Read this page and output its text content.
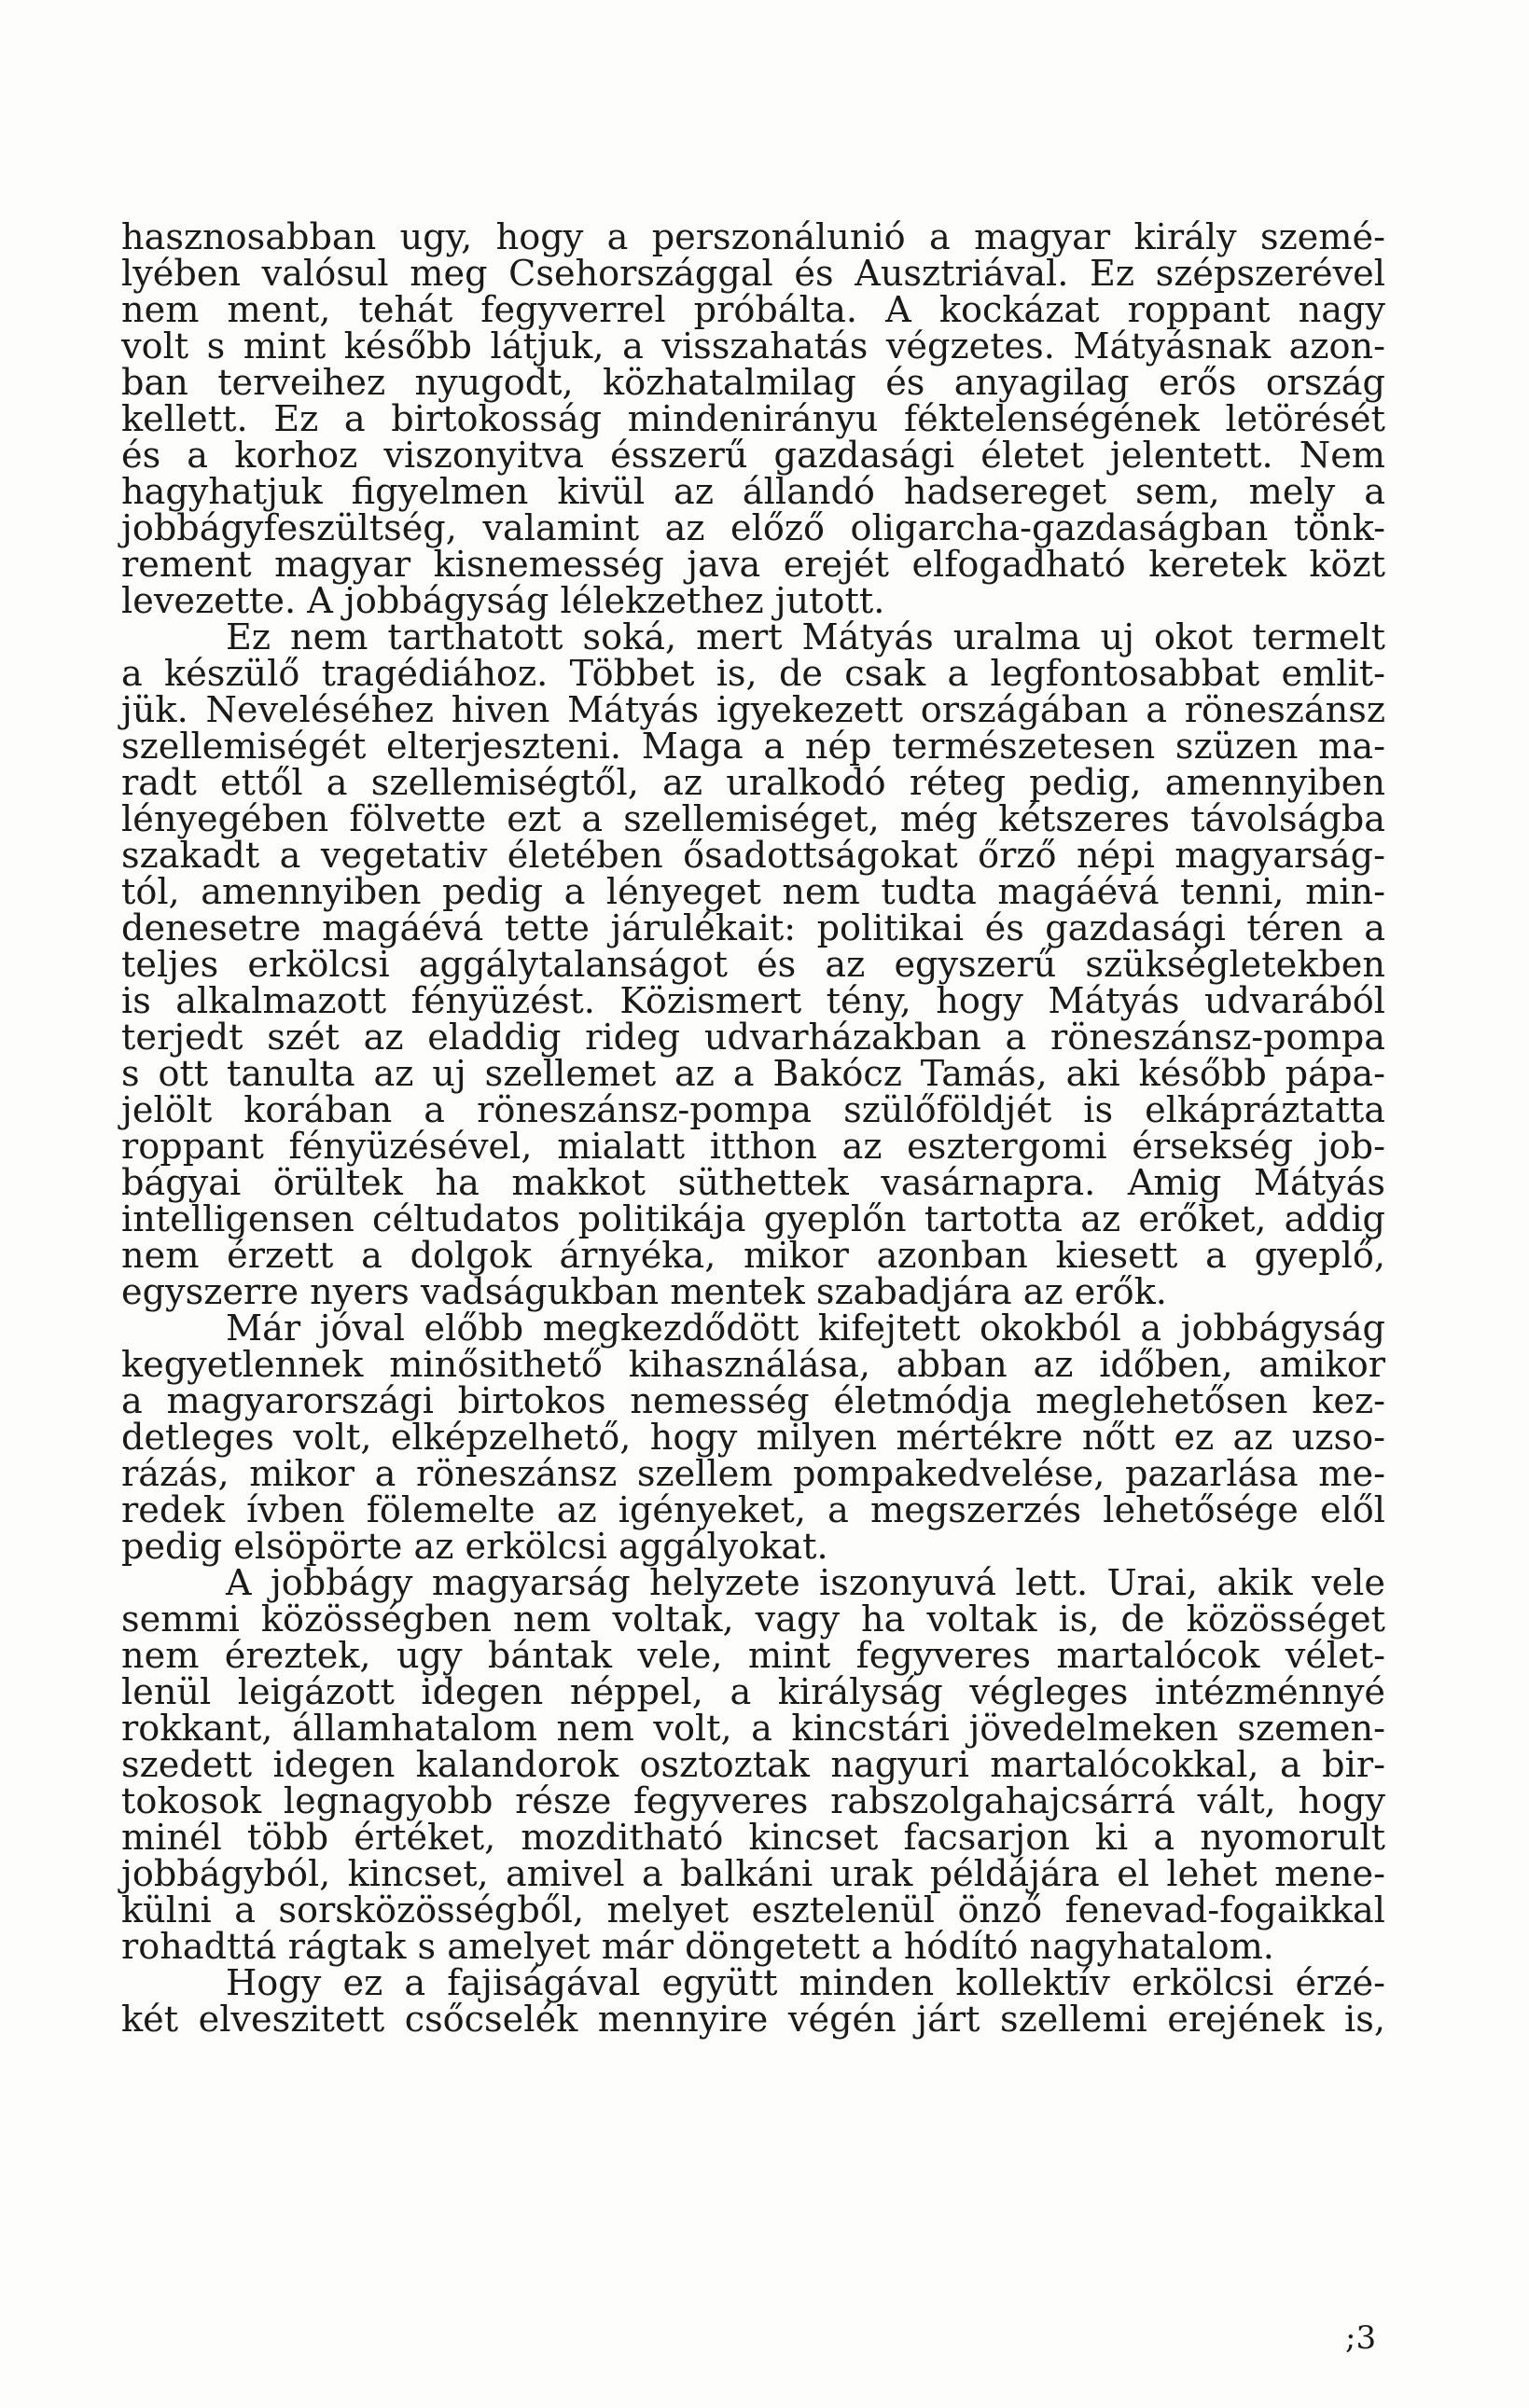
hasznosabban ugy, hogy a perszonálunió a magyar király szemé-
lyében valósul meg Csehországgal és Ausztriával. Ez szépszerével
nem ment, tehát fegyverrel próbálta. A kockázat roppant nagy
volt s mint később látjuk, a visszahatás végzetes. Mátyásnak azon-
ban terveihez nyugodt, közhatalmilag és anyagilag erős ország
kellett. Ez a birtokosság mindenirányu féktelenségének letörését
és a korhoz viszonyitva ésszerű gazdasági életet jelentett. Nem
hagyhatjuk figyelmen kivül az állandó hadsereget sem, mely a
jobbágyfeszültség, valamint az előző oligarcha-gazdaságban tönk-
rement magyar kisnemesség java erejét elfogadható keretek közt
levezette. A jobbágyság lélekzethez jutott.
Ez nem tarthatott soká, mert Mátyás uralma uj okot termelt
a készülő tragédiához. Többet is, de csak a legfontosabbat emlit-
jük. Neveléséhez hiven Mátyás igyekezett országában a röneszánsz
szellemiségét elterjeszteni. Maga a nép természetesen szüzen ma-
radt ettől a szellemiségtől, az uralkodó réteg pedig, amennyiben
lényegében fölvette ezt a szellemiséget, még kétszeres távolságba
szakadt a vegetativ életében ősadottságokat őrző népi magyarság-
tól, amennyiben pedig a lényeget nem tudta magáévá tenni, min-
denesetre magáévá tette járulékait: politikai és gazdasági téren a
teljes erkölcsi aggálytalanságot és az egyszerű szükségletekben
is alkalmazott fényüzést. Közismert tény, hogy Mátyás udvarából
terjedt szét az eladdig rideg udvarházakban a röneszánsz-pompa
s ott tanulta az uj szellemet az a Bakócz Tamás, aki később pápa-
jelölt korában a röneszánsz-pompa szülőföldjét is elkápráztatta
roppant fényüzésével, mialatt itthon az esztergomi érsekség job-
bágyai örültek ha makkot süthettek vasárnapra. Amig Mátyás
intelligensen céltudatos politikája gyeplőn tartotta az erőket, addig
nem érzett a dolgok árnyéka, mikor azonban kiesett a gyeplő,
egyszerre nyers vadságukban mentek szabadjára az erők.
Már jóval előbb megkezdődött kifejtett okokból a jobbágyság
kegyetlennek minősithető kihasználása, abban az időben, amikor
a magyarországi birtokos nemesség életmódja meglehetősen kez-
detleges volt, elképzelhető, hogy milyen mértékre nőtt ez az uzso-
rázás, mikor a röneszánsz szellem pompakedvelése, pazarlása me-
redek ívben fölemelte az igényeket, a megszerzés lehetősége elől
pedig elsöpörte az erkölcsi aggályokat.
A jobbágy magyarság helyzete iszonyuvá lett. Urai, akik vele
semmi közösségben nem voltak, vagy ha voltak is, de közösséget
nem éreztek, ugy bántak vele, mint fegyveres martalócok vélet-
lenül leigázott idegen néppel, a királyság végleges intézménnyé
rokkant, államhatalom nem volt, a kincstári jövedelmeken szemen-
szedett idegen kalandorok osztoztak nagyuri martalócokkal, a bir-
tokosok legnagyobb része fegyveres rabszolgahajcsárrá vált, hogy
minél több értéket, mozditható kincset facsarjon ki a nyomorult
jobbágyból, kincset, amivel a balkáni urak példájára el lehet mene-
külni a sorsközösségből, melyet esztelenül önző fenevad-fogaikkal
rohadttá rágtak s amelyet már döngetett a hódító nagyhatalom.
Hogy ez a fajiságával együtt minden kollektív erkölcsi érzé-
két elveszitett csőcselék mennyire végén járt szellemi erejének is,
;3
